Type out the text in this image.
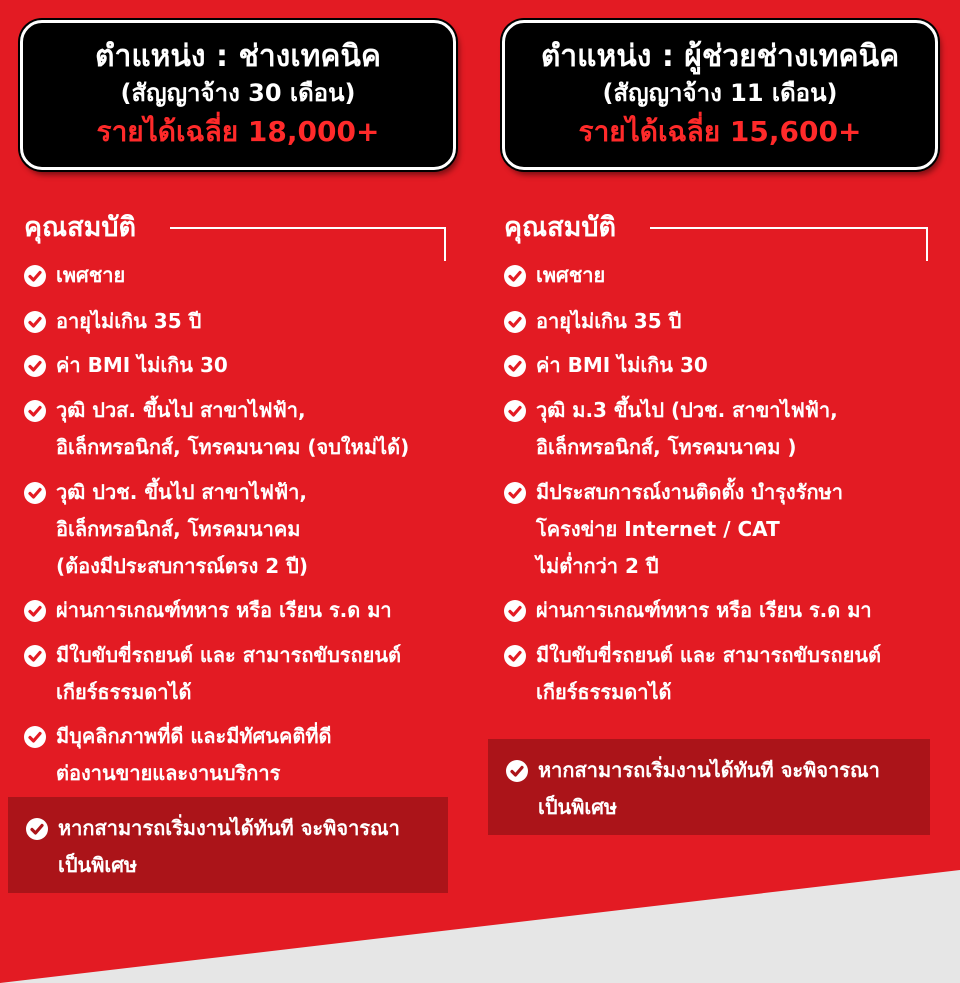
ตำแหน่ง : ช่างเทคนิค
(สัญญาจ้าง 30 เดือน)
รายได้เฉลี่ย 18,000+
คุณสมบัติ
เพศชาย
อายุไม่เกิน 35 ปี
ค่า BMI ไม่เกิน 30
วุฒิ ปวส. ขึ้นไป สาขาไฟฟ้า,
อิเล็กทรอนิกส์, โทรคมนาคม (จบใหม่ได้)
วุฒิ ปวช. ขึ้นไป สาขาไฟฟ้า,
อิเล็กทรอนิกส์, โทรคมนาคม
(ต้องมีประสบการณ์ตรง 2 ปี)
ผ่านการเกณฑ์ทหาร หรือ เรียน ร.ด มา
มีใบขับขี่รถยนต์ และ สามารถขับรถยนต์
เกียร์ธรรมดาได้
มีบุคลิกภาพที่ดี และมีทัศนคติที่ดี
ต่องานขายและงานบริการ
หากสามารถเริ่มงานได้ทันที จะพิจารณา
เป็นพิเศษ
ตำแหน่ง : ผู้ช่วยช่างเทคนิค
(สัญญาจ้าง 11 เดือน)
รายได้เฉลี่ย 15,600+
คุณสมบัติ
เพศชาย
อายุไม่เกิน 35 ปี
ค่า BMI ไม่เกิน 30
วุฒิ ม.3 ขึ้นไป (ปวช. สาขาไฟฟ้า,
อิเล็กทรอนิกส์, โทรคมนาคม )
มีประสบการณ์งานติดตั้ง บำรุงรักษา
โครงข่าย Internet / CAT
ไม่ต่ำกว่า 2 ปี
ผ่านการเกณฑ์ทหาร หรือ เรียน ร.ด มา
มีใบขับขี่รถยนต์ และ สามารถขับรถยนต์
เกียร์ธรรมดาได้
หากสามารถเริ่มงานได้ทันที จะพิจารณา
เป็นพิเศษ
